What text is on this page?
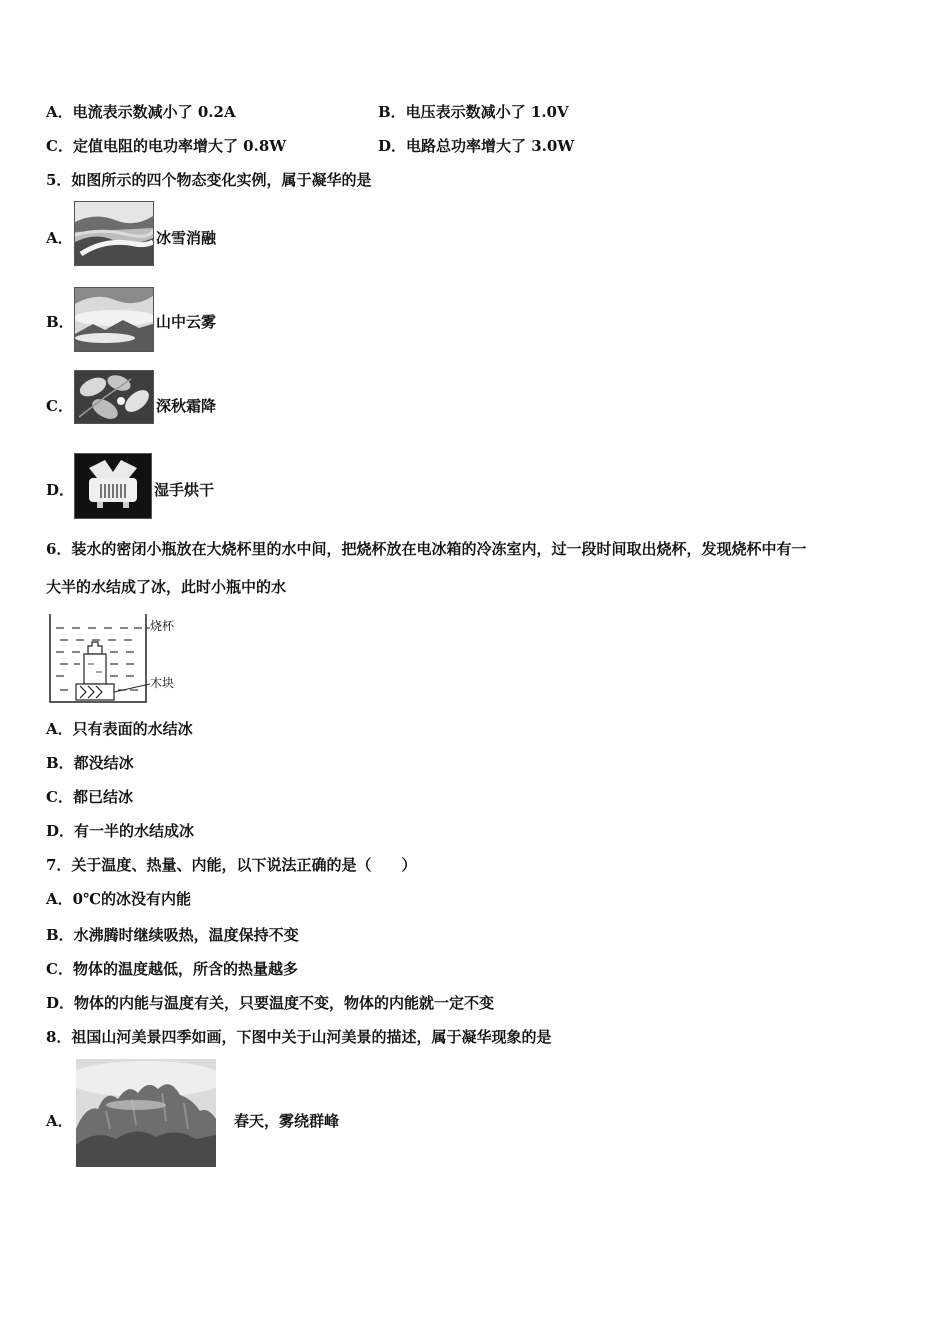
A．电流表示数减小了 0.2A	B．电压表示数减小了 1.0V
C．定值电阻的电功率增大了 0.8W	D．电路总功率增大了 3.0W
5．如图所示的四个物态变化实例，属于凝华的是
A．	冰雪消融
B．	山中云雾
C．	深秋霜降
D．	湿手烘干
6．装水的密闭小瓶放在大烧杯里的水中间，把烧杯放在电冰箱的冷冻室内，过一段时间取出烧杯，发现烧杯中有一
大半的水结成了冰，此时小瓶中的水
烧杯
木块
A．只有表面的水结冰
B．都没结冰
C．都已结冰
D．有一半的水结成冰
7．关于温度、热量、内能，以下说法正确的是（　　）
A．0℃的冰没有内能
B．水沸腾时继续吸热，温度保持不变
C．物体的温度越低，所含的热量越多
D．物体的内能与温度有关，只要温度不变，物体的内能就一定不变
8．祖国山河美景四季如画，下图中关于山河美景的描述，属于凝华现象的是
A．	春天，雾绕群峰
